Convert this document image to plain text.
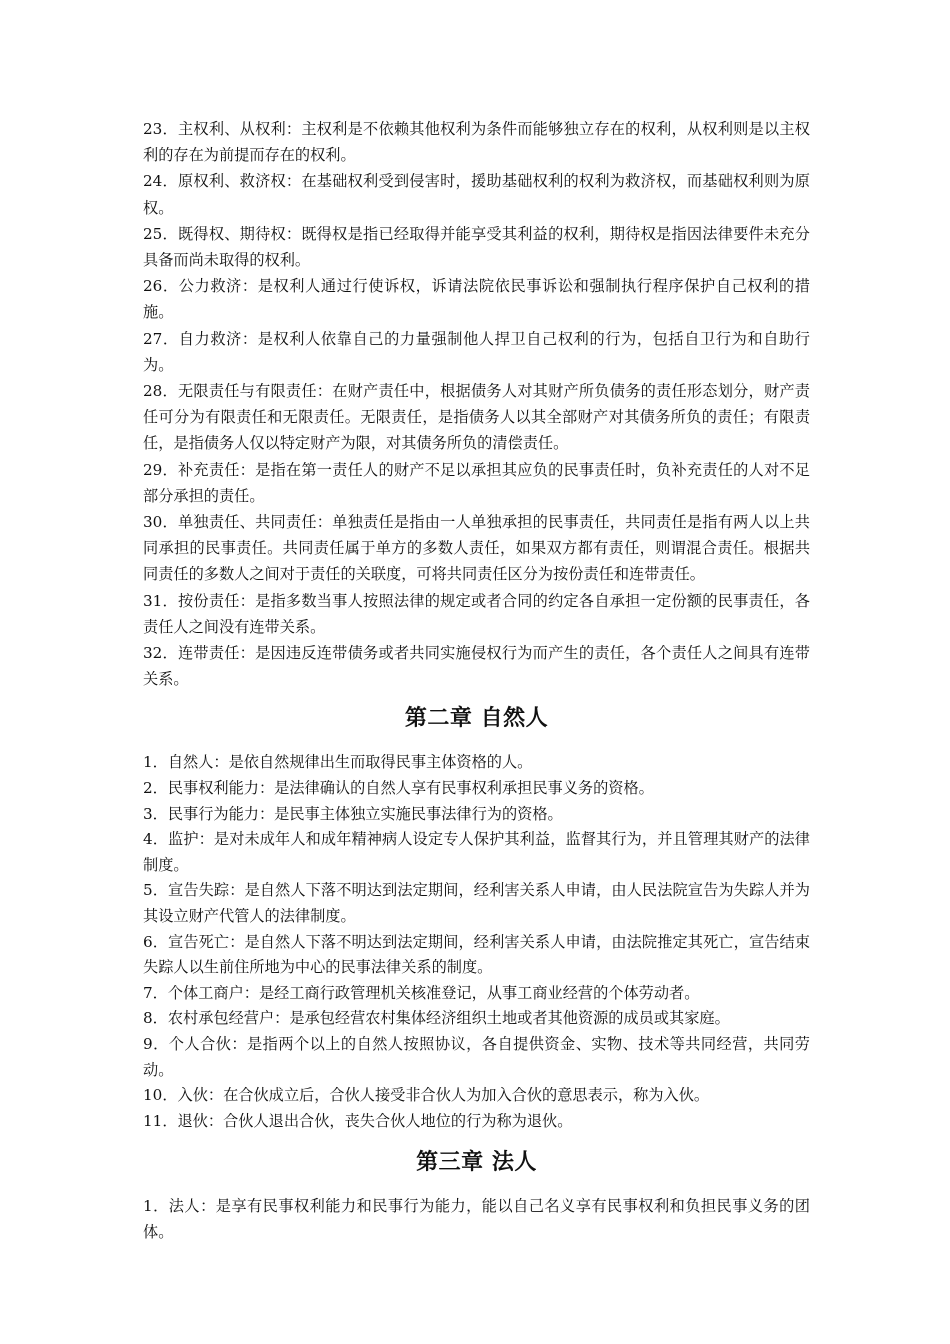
23．主权利、从权利：主权利是不依赖其他权利为条件而能够独立存在的权利，从权利则是以主权利的存在为前提而存在的权利。

24．原权利、救济权：在基础权利受到侵害时，援助基础权利的权利为救济权，而基础权利则为原权。

25．既得权、期待权：既得权是指已经取得并能享受其利益的权利，期待权是指因法律要件未充分具备而尚未取得的权利。

26．公力救济：是权利人通过行使诉权，诉请法院依民事诉讼和强制执行程序保护自己权利的措施。

27．自力救济：是权利人依靠自己的力量强制他人捍卫自己权利的行为，包括自卫行为和自助行为。

28．无限责任与有限责任：在财产责任中，根据债务人对其财产所负债务的责任形态划分，财产责任可分为有限责任和无限责任。无限责任，是指债务人以其全部财产对其债务所负的责任；有限责任，是指债务人仅以特定财产为限，对其债务所负的清偿责任。

29．补充责任：是指在第一责任人的财产不足以承担其应负的民事责任时，负补充责任的人对不足部分承担的责任。

30．单独责任、共同责任：单独责任是指由一人单独承担的民事责任，共同责任是指有两人以上共同承担的民事责任。共同责任属于单方的多数人责任，如果双方都有责任，则谓混合责任。根据共同责任的多数人之间对于责任的关联度，可将共同责任区分为按份责任和连带责任。

31．按份责任：是指多数当事人按照法律的规定或者合同的约定各自承担一定份额的民事责任，各责任人之间没有连带关系。

32．连带责任：是因违反连带债务或者共同实施侵权行为而产生的责任，各个责任人之间具有连带关系。

第二章 自然人

1．自然人：是依自然规律出生而取得民事主体资格的人。

2．民事权利能力：是法律确认的自然人享有民事权利承担民事义务的资格。

3．民事行为能力：是民事主体独立实施民事法律行为的资格。

4．监护：是对未成年人和成年精神病人设定专人保护其利益，监督其行为，并且管理其财产的法律制度。

5．宣告失踪：是自然人下落不明达到法定期间，经利害关系人申请，由人民法院宣告为失踪人并为其设立财产代管人的法律制度。

6．宣告死亡：是自然人下落不明达到法定期间，经利害关系人申请，由法院推定其死亡，宣告结束失踪人以生前住所地为中心的民事法律关系的制度。

7．个体工商户：是经工商行政管理机关核准登记，从事工商业经营的个体劳动者。

8．农村承包经营户：是承包经营农村集体经济组织土地或者其他资源的成员或其家庭。

9．个人合伙：是指两个以上的自然人按照协议，各自提供资金、实物、技术等共同经营，共同劳动。

10．入伙：在合伙成立后，合伙人接受非合伙人为加入合伙的意思表示，称为入伙。

11．退伙：合伙人退出合伙，丧失合伙人地位的行为称为退伙。

第三章 法人

1．法人：是享有民事权利能力和民事行为能力，能以自己名义享有民事权利和负担民事义务的团体。
